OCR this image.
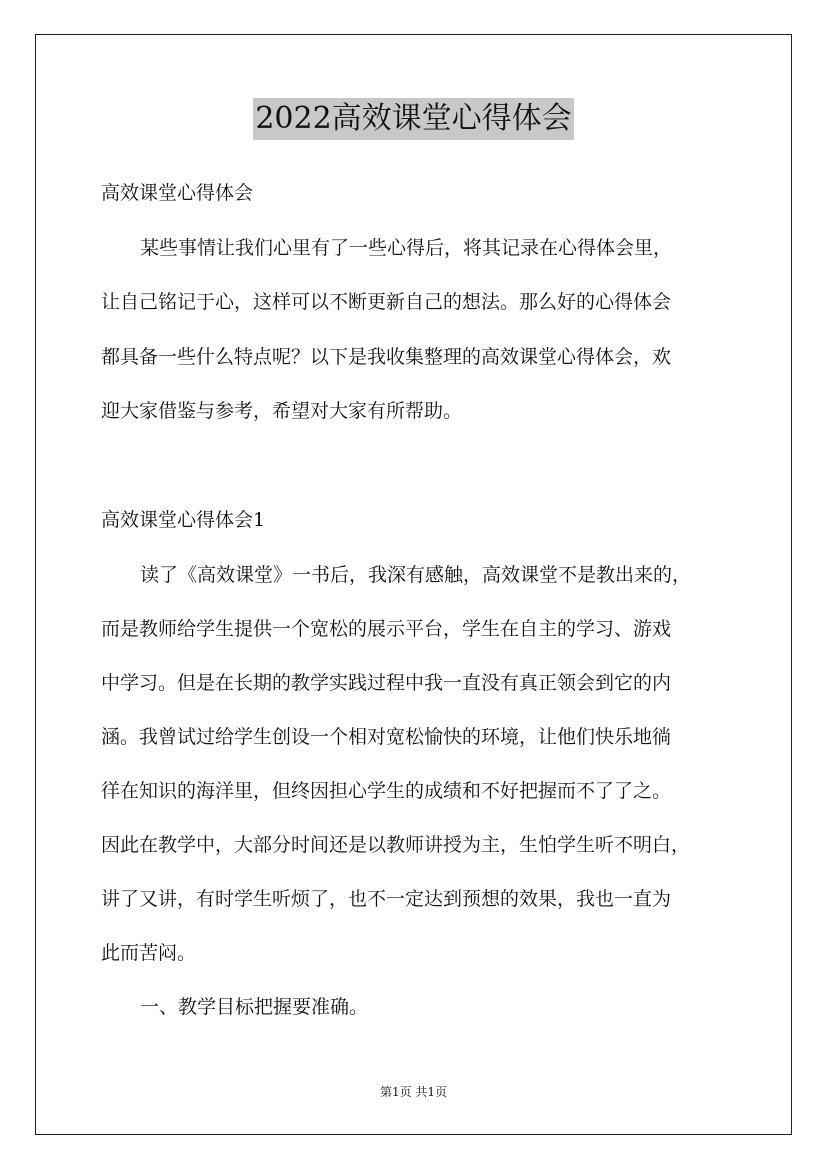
2022高效课堂心得体会
高效课堂心得体会
某些事情让我们心里有了一些心得后，将其记录在心得体会里，
让自己铭记于心，这样可以不断更新自己的想法。那么好的心得体会
都具备一些什么特点呢？以下是我收集整理的高效课堂心得体会，欢
迎大家借鉴与参考，希望对大家有所帮助。
高效课堂心得体会1
读了《高效课堂》一书后，我深有感触，高效课堂不是教出来的，
而是教师给学生提供一个宽松的展示平台，学生在自主的学习、游戏
中学习。但是在长期的教学实践过程中我一直没有真正领会到它的内
涵。我曾试过给学生创设一个相对宽松愉快的环境，让他们快乐地徜
徉在知识的海洋里，但终因担心学生的成绩和不好把握而不了了之。
因此在教学中，大部分时间还是以教师讲授为主，生怕学生听不明白，
讲了又讲，有时学生听烦了，也不一定达到预想的效果，我也一直为
此而苦闷。
一、教学目标把握要准确。
第1页 共1页
